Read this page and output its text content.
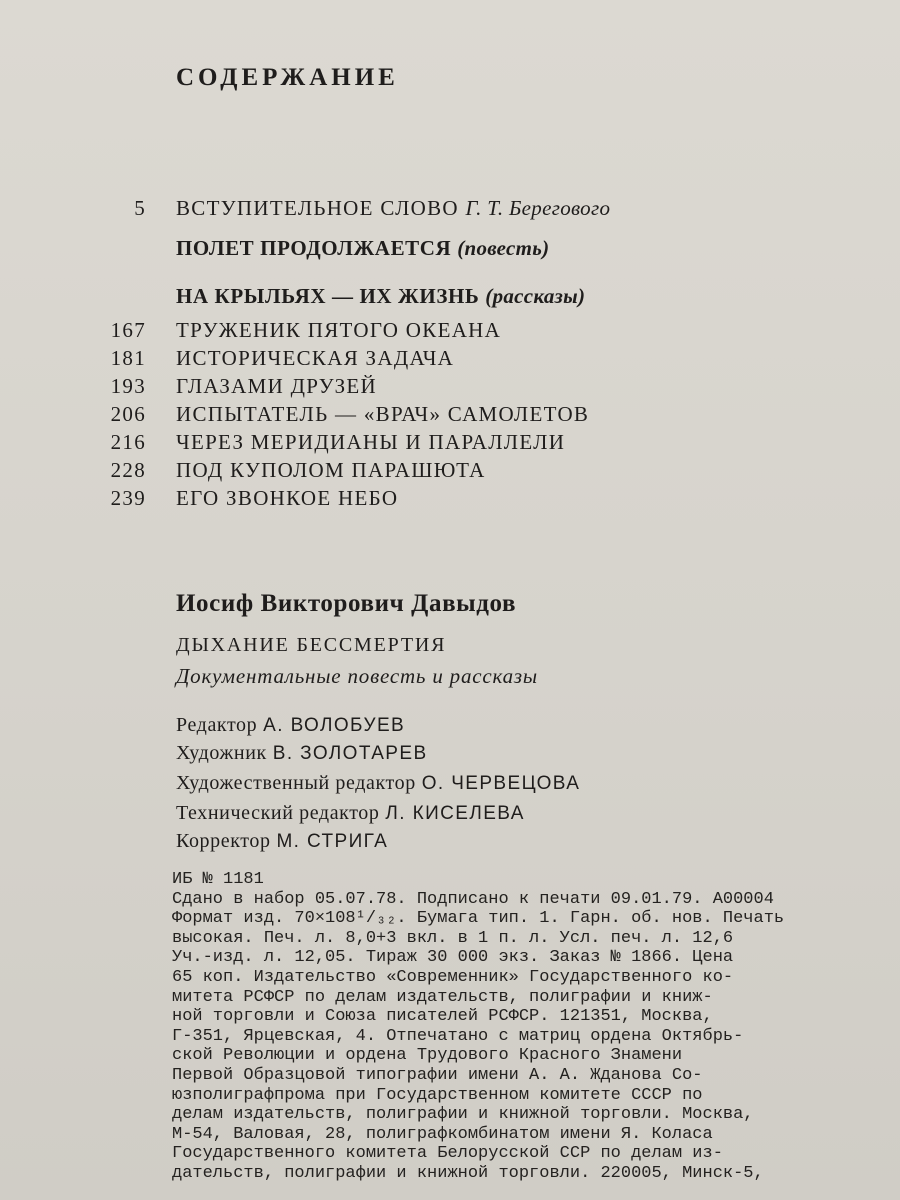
СОДЕРЖАНИЕ
5 ВСТУПИТЕЛЬНОЕ СЛОВО Г. Т. Берегового
ПОЛЕТ ПРОДОЛЖАЕТСЯ (повесть)
НА КРЫЛЬЯХ — ИХ ЖИЗНЬ (рассказы)
167 ТРУЖЕНИК ПЯТОГО ОКЕАНА
181 ИСТОРИЧЕСКАЯ ЗАДАЧА
193 ГЛАЗАМИ ДРУЗЕЙ
206 ИСПЫТАТЕЛЬ — «ВРАЧ» САМОЛЕТОВ
216 ЧЕРЕЗ МЕРИДИАНЫ И ПАРАЛЛЕЛИ
228 ПОД КУПОЛОМ ПАРАШЮТА
239 ЕГО ЗВОНКОЕ НЕБО
Иосиф Викторович Давыдов
ДЫХАНИЕ БЕССМЕРТИЯ
Документальные повесть и рассказы
Редактор А. ВОЛОБУЕВ
Художник В. ЗОЛОТАРЕВ
Художественный редактор О. ЧЕРВЕЦОВА
Технический редактор Л. КИСЕЛЕВА
Корректор М. СТРИГА
ИБ № 1181
Сдано в набор 05.07.78. Подписано к печати 09.01.79. А00004
Формат изд. 70×108¹/₃₂. Бумага тип. 1. Гарн. об. нов. Печать
высокая. Печ. л. 8,0+3 вкл. в 1 п. л. Усл. печ. л. 12,6
Уч.-изд. л. 12,05. Тираж 30 000 экз. Заказ № 1866. Цена
65 коп. Издательство «Современник» Государственного ко-
митета РСФСР по делам издательств, полиграфии и книж-
ной торговли и Союза писателей РСФСР. 121351, Москва,
Г-351, Ярцевская, 4. Отпечатано с матриц ордена Октябрь-
ской Революции и ордена Трудового Красного Знамени
Первой Образцовой типографии имени А. А. Жданова Со-
юзполиграфпрома при Государственном комитете СССР по
делам издательств, полиграфии и книжной торговли. Москва,
М-54, Валовая, 28, полиграфкомбинатом имени Я. Коласа
Государственного комитета Белорусской ССР по делам из-
дательств, полиграфии и книжной торговли. 220005, Минск-5,
